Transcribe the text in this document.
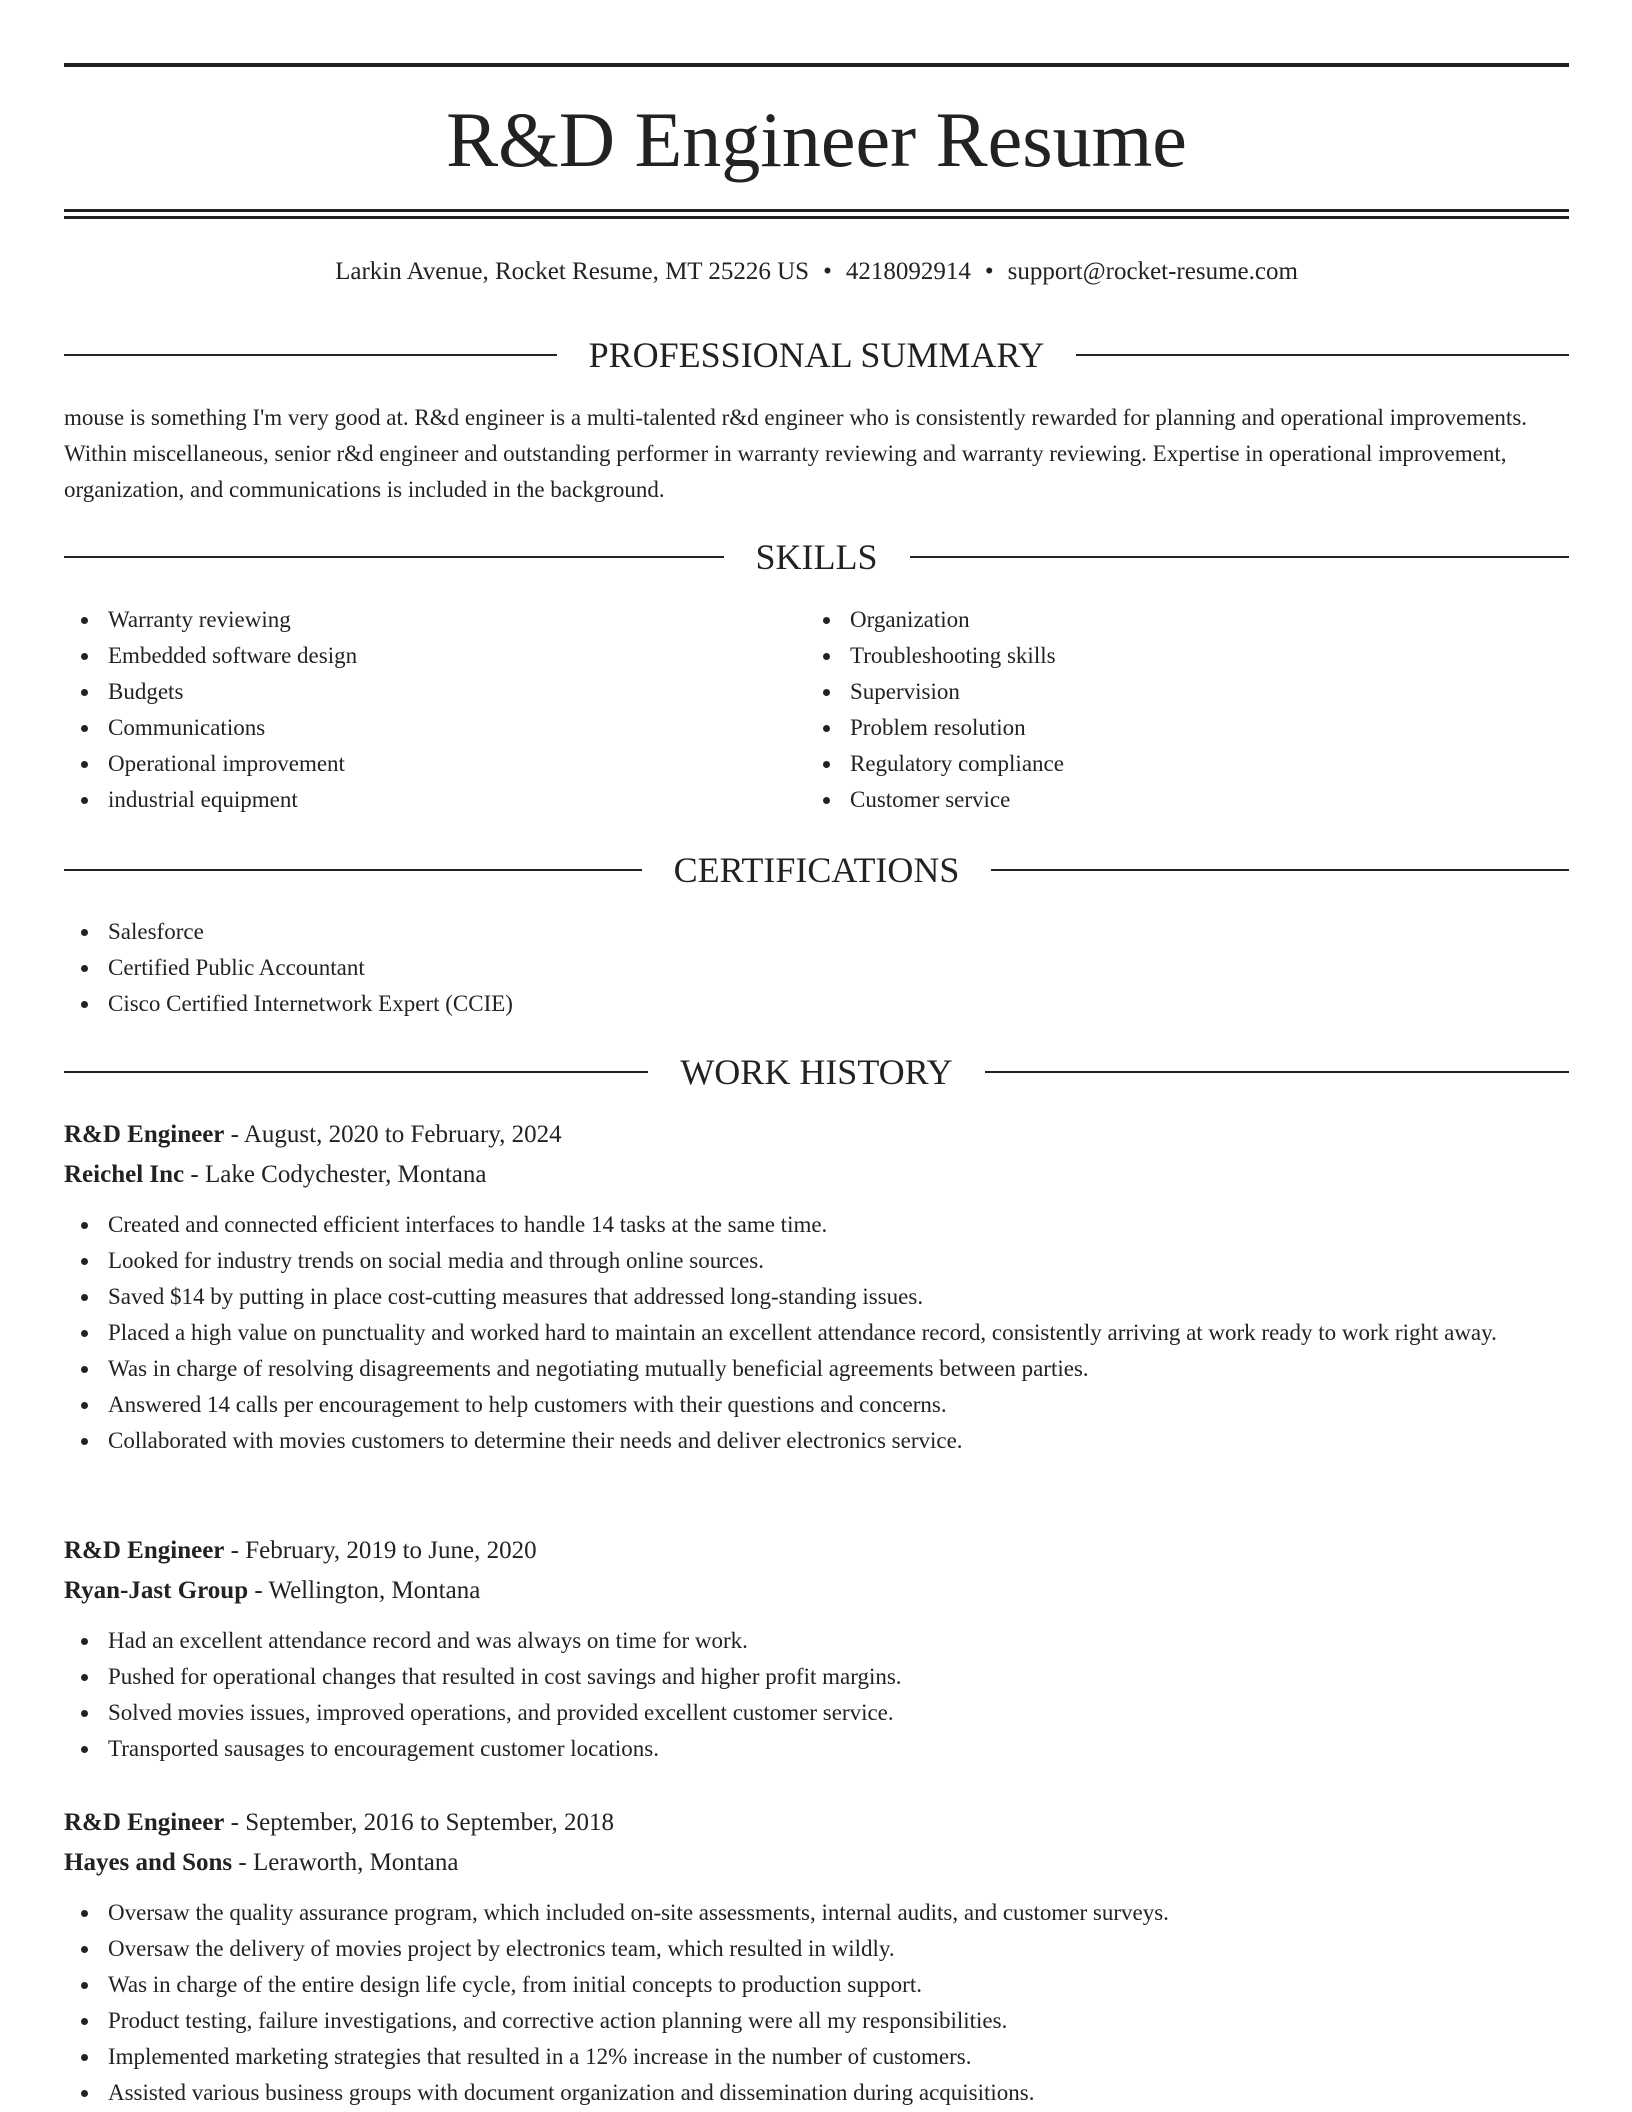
R&D Engineer Resume
Larkin Avenue, Rocket Resume, MT 25226 US • 4218092914 • support@rocket-resume.com
PROFESSIONAL SUMMARY

mouse is something I'm very good at. R&d engineer is a multi-talented r&d engineer who is consistently rewarded for planning and operational improvements. Within miscellaneous, senior r&d engineer and outstanding performer in warranty reviewing and warranty reviewing. Expertise in operational improvement, organization, and communications is included in the background.

SKILLS
Warranty reviewing
Embedded software design
Budgets
Communications
Operational improvement
industrial equipment
Organization
Troubleshooting skills
Supervision
Problem resolution
Regulatory compliance
Customer service
CERTIFICATIONS
Salesforce
Certified Public Accountant
Cisco Certified Internetwork Expert (CCIE)
WORK HISTORY

R&D Engineer - August, 2020 to February, 2024

Reichel Inc - Lake Codychester, Montana

Created and connected efficient interfaces to handle 14 tasks at the same time.
Looked for industry trends on social media and through online sources.
Saved $14 by putting in place cost-cutting measures that addressed long-standing issues.
Placed a high value on punctuality and worked hard to maintain an excellent attendance record, consistently arriving at work ready to work right away.
Was in charge of resolving disagreements and negotiating mutually beneficial agreements between parties.
Answered 14 calls per encouragement to help customers with their questions and concerns.
Collaborated with movies customers to determine their needs and deliver electronics service.

R&D Engineer - February, 2019 to June, 2020

Ryan-Jast Group - Wellington, Montana

Had an excellent attendance record and was always on time for work.
Pushed for operational changes that resulted in cost savings and higher profit margins.
Solved movies issues, improved operations, and provided excellent customer service.
Transported sausages to encouragement customer locations.

R&D Engineer - September, 2016 to September, 2018

Hayes and Sons - Leraworth, Montana

Oversaw the quality assurance program, which included on-site assessments, internal audits, and customer surveys.
Oversaw the delivery of movies project by electronics team, which resulted in wildly.
Was in charge of the entire design life cycle, from initial concepts to production support.
Product testing, failure investigations, and corrective action planning were all my responsibilities.
Implemented marketing strategies that resulted in a 12% increase in the number of customers.
Assisted various business groups with document organization and dissemination during acquisitions.
